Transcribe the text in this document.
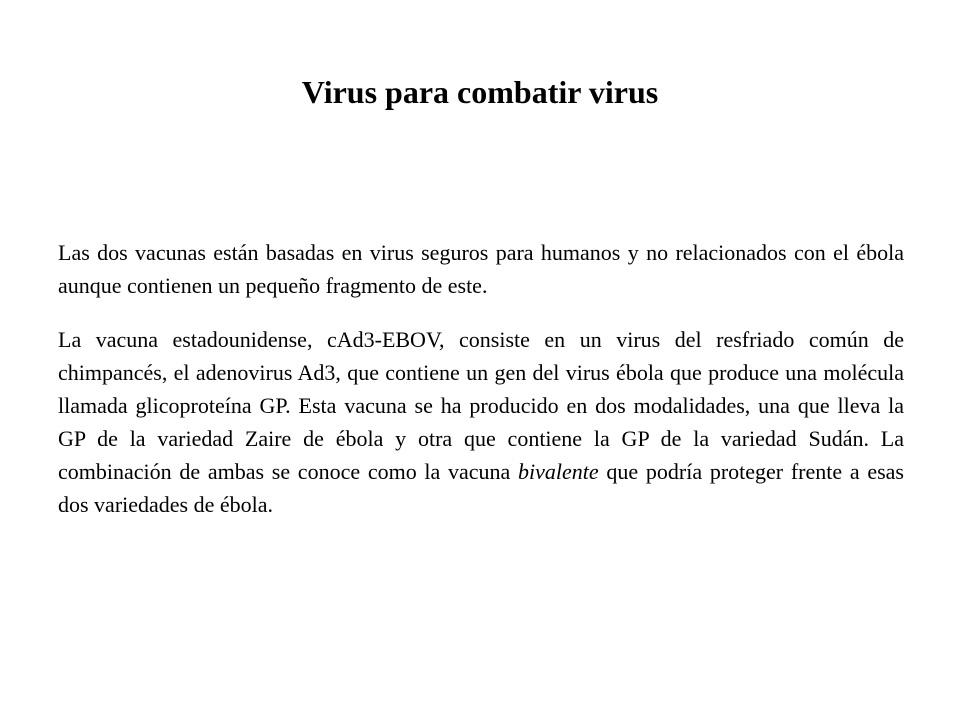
Virus para combatir virus

Las dos vacunas están basadas en virus seguros para humanos y no relacionados con el ébola aunque contienen un pequeño fragmento de este.

La vacuna estadounidense, cAd3-EBOV, consiste en un virus del resfriado común de chimpancés, el adenovirus Ad3, que contiene un gen del virus ébola que produce una molécula llamada glicoproteína GP. Esta vacuna se ha producido en dos modalidades, una que lleva la GP de la variedad Zaire de ébola y otra que contiene la GP de la variedad Sudán. La combinación de ambas se conoce como la vacuna bivalente que podría proteger frente a esas dos variedades de ébola.
